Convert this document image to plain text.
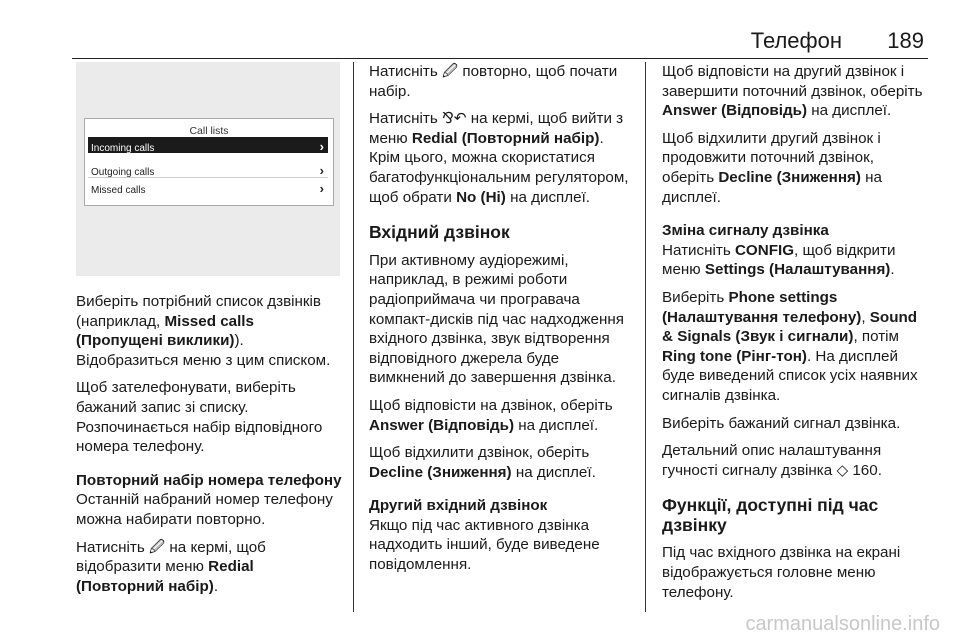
Телефон 189
Call lists
Incoming calls	›
Outgoing calls	›
Missed calls	›

Виберіть потрібний список дзвінків (наприклад, Missed calls (Пропущені виклики)).
Відобразиться меню з цим списком.

Щоб зателефонувати, виберіть бажаний запис зі списку.
Розпочинається набір відповідного номера телефону.

Повторний набір номера телефону

Останній набраний номер телефону можна набирати повторно.

Натисніть 🖉 на кермі, щоб відобразити меню Redial (Повторний набір).

Натисніть 🖉 повторно, щоб почати набір.

Натисніть ⅋↶ на кермі, щоб вийти з меню Redial (Повторний набір). Крім цього, можна скористатися багатофункціональним регулятором, щоб обрати No (Ні) на дисплеї.

Вхідний дзвінок

При активному аудіорежимі, наприклад, в режимі роботи радіоприймача чи програвача компакт-дисків під час надходження вхідного дзвінка, звук відтворення відповідного джерела буде вимкнений до завершення дзвінка.

Щоб відповісти на дзвінок, оберіть Answer (Відповідь) на дисплеї.

Щоб відхилити дзвінок, оберіть Decline (Зниження) на дисплеї.

Другий вхідний дзвінок

Якщо під час активного дзвінка надходить інший, буде виведене повідомлення.

Щоб відповісти на другий дзвінок і завершити поточний дзвінок, оберіть Answer (Відповідь) на дисплеї.

Щоб відхилити другий дзвінок і продовжити поточний дзвінок, оберіть Decline (Зниження) на дисплеї.

Зміна сигналу дзвінка

Натисніть CONFIG, щоб відкрити меню Settings (Налаштування).

Виберіть Phone settings (Налаштування телефону), Sound & Signals (Звук і сигнали), потім Ring tone (Рінг-тон). На дисплей буде виведений список усіх наявних сигналів дзвінка.

Виберіть бажаний сигнал дзвінка.

Детальний опис налаштування гучності сигналу дзвінка ◇ 160.

Функції, доступні під час дзвінку

Під час вхідного дзвінка на екрані відображується головне меню телефону.

carmanualsonline.info
